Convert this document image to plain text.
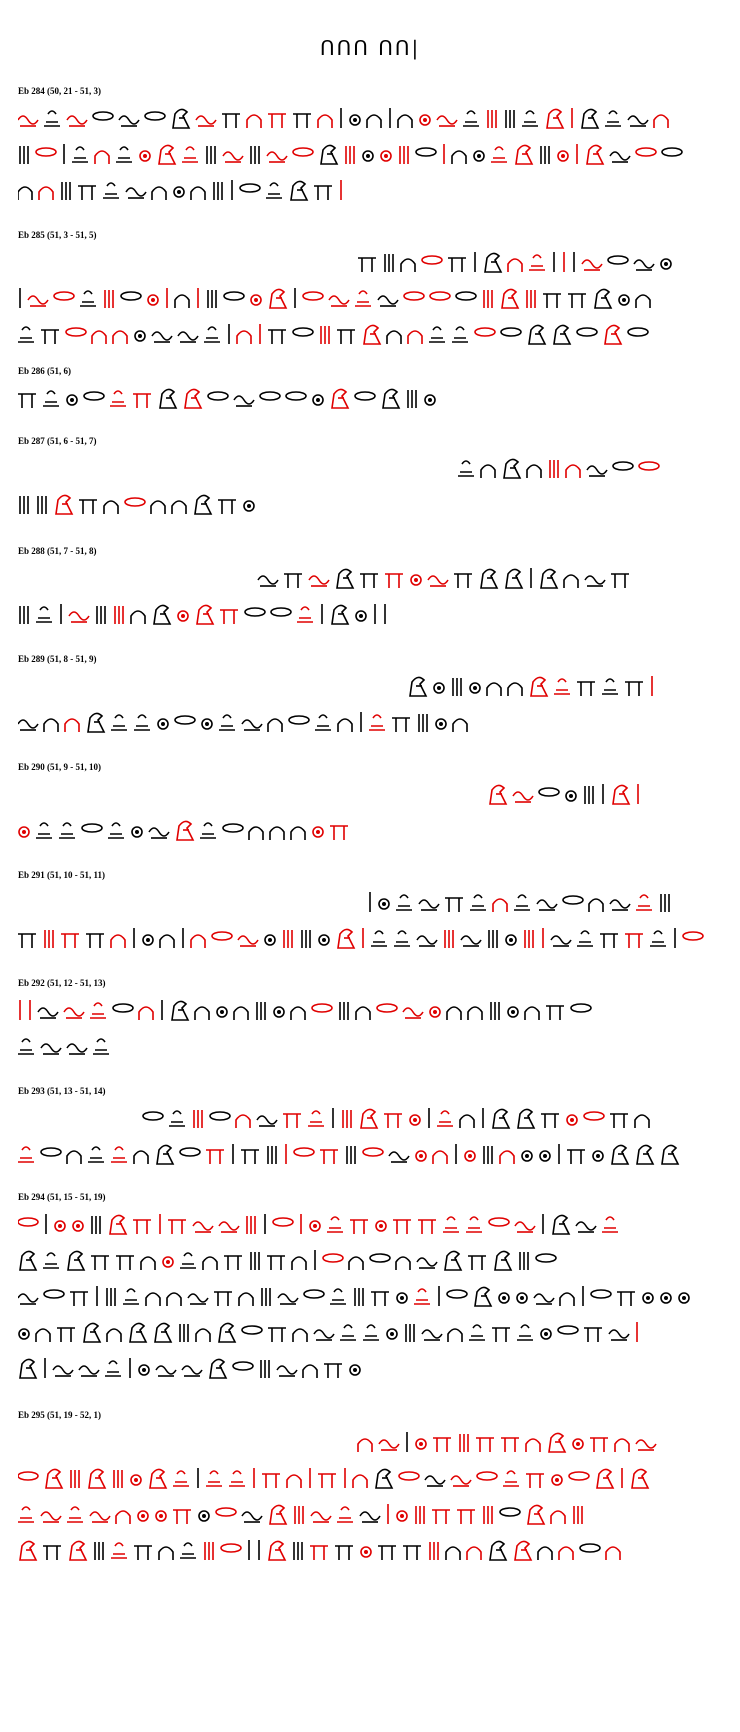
ᑎᑎᑎ ᑎᑎ|
Eb 284 (50, 21 - 51, 3)
Eb 285 (51, 3 - 51, 5)
Eb 286 (51, 6)
Eb 287 (51, 6 - 51, 7)
Eb 288 (51, 7 - 51, 8)
Eb 289 (51, 8 - 51, 9)
Eb 290 (51, 9 - 51, 10)
Eb 291 (51, 10 - 51, 11)
Eb 292 (51, 12 - 51, 13)
Eb 293 (51, 13 - 51, 14)
Eb 294 (51, 15 - 51, 19)
Eb 295 (51, 19 - 52, 1)
